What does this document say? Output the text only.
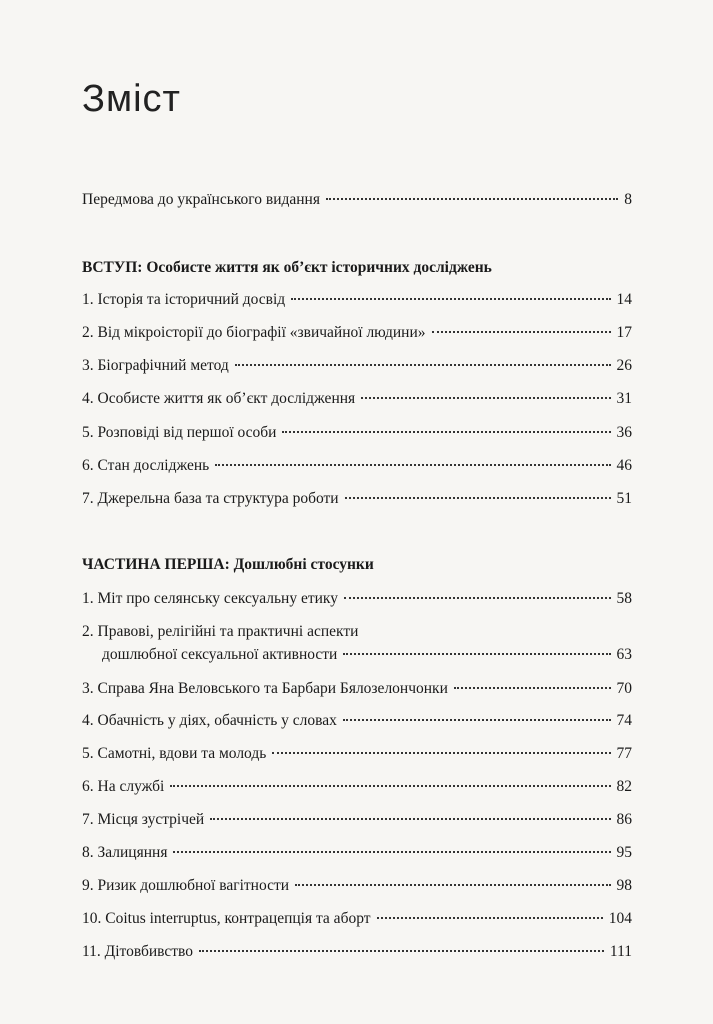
Зміст
Передмова до українського видання	8
ВСТУП: Особисте життя як об’єкт історичних досліджень
1. Історія та історичний досвід	14
2. Від мікроісторії до біографії «звичайної людини»	17
3. Біографічний метод	26
4. Особисте життя як об’єкт дослідження	31
5. Розповіді від першої особи	36
6. Стан досліджень	46
7. Джерельна база та структура роботи	51
ЧАСТИНА ПЕРША: Дошлюбні стосунки
1. Міт про селянську сексуальну етику	58
2. Правові, релігійні та практичні аспекти
дошлюбної сексуальної активности	63
3. Справа Яна Веловського та Барбари Бялозелончонки	70
4. Обачність у діях, обачність у словах	74
5. Самотні, вдови та молодь	77
6. На службі	82
7. Місця зустрічей	86
8. Залицяння	95
9. Ризик дошлюбної вагітности	98
10. Coitus interruptus, контрацепція та аборт	104
11. Дітовбивство	111
